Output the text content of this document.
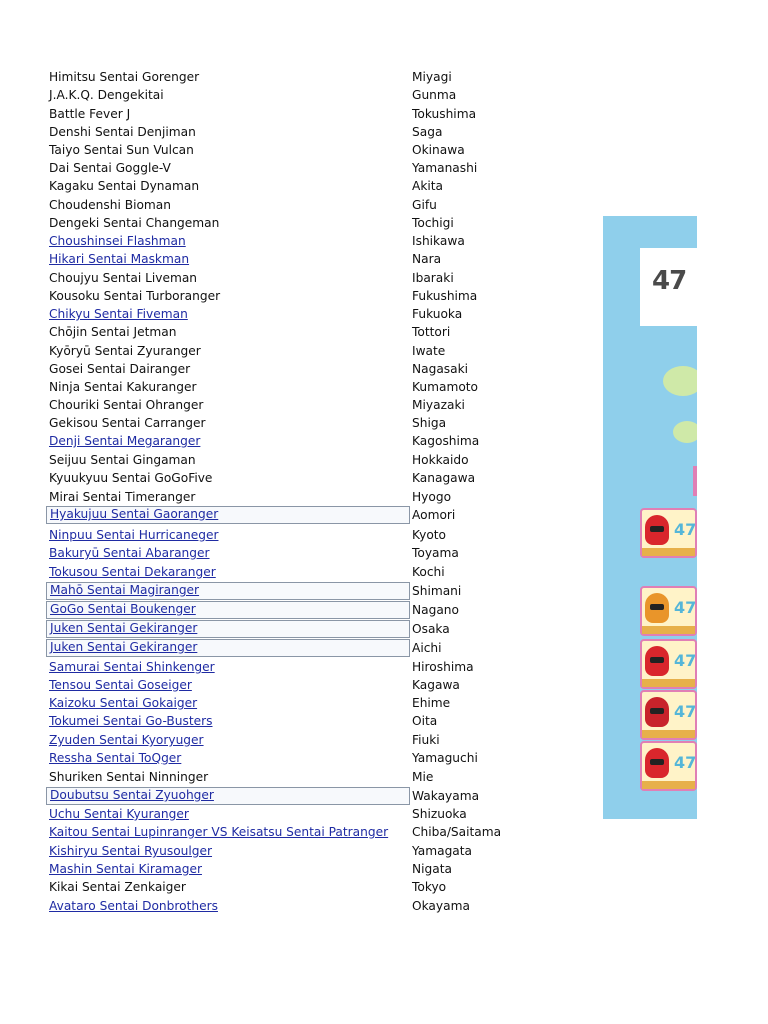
Himitsu Sentai Gorenger	Miyagi
J.A.K.Q. Dengekitai	Gunma
Battle Fever J	Tokushima
Denshi Sentai Denjiman	Saga
Taiyo Sentai Sun Vulcan	Okinawa
Dai Sentai Goggle-V	Yamanashi
Kagaku Sentai Dynaman	Akita
Choudenshi Bioman	Gifu
Dengeki Sentai Changeman	Tochigi
Choushinsei Flashman	Ishikawa
Hikari Sentai Maskman	Nara
Choujyu Sentai Liveman	Ibaraki
Kousoku Sentai Turboranger	Fukushima
Chikyu Sentai Fiveman	Fukuoka
Chōjin Sentai Jetman	Tottori
Kyōryū Sentai Zyuranger	Iwate
Gosei Sentai Dairanger	Nagasaki
Ninja Sentai Kakuranger	Kumamoto
Chouriki Sentai Ohranger	Miyazaki
Gekisou Sentai Carranger	Shiga
Denji Sentai Megaranger	Kagoshima
Seijuu Sentai Gingaman	Hokkaido
Kyuukyuu Sentai GoGoFive	Kanagawa
Mirai Sentai Timeranger	Hyogo
Hyakujuu Sentai Gaoranger	Aomori
Ninpuu Sentai Hurricaneger	Kyoto
Bakuryū Sentai Abaranger	Toyama
Tokusou Sentai Dekaranger	Kochi
Mahō Sentai Magiranger	Shimani
GoGo Sentai Boukenger	Nagano
Juken Sentai Gekiranger	Osaka
Juken Sentai Gekiranger	Aichi
Samurai Sentai Shinkenger	Hiroshima
Tensou Sentai Goseiger	Kagawa
Kaizoku Sentai Gokaiger	Ehime
Tokumei Sentai Go-Busters	Oita
Zyuden Sentai Kyoryuger	Fiuki
Ressha Sentai ToQger	Yamaguchi
Shuriken Sentai Ninninger	Mie
Doubutsu Sentai Zyuohger	Wakayama
Uchu Sentai Kyuranger	Shizuoka
Kaitou Sentai Lupinranger VS Keisatsu Sentai Patranger	Chiba/Saitama
Kishiryu Sentai Ryusoulger	Yamagata
Mashin Sentai Kiramager	Nigata
Kikai Sentai Zenkaiger	Tokyo
Avataro Sentai Donbrothers	Okayama
47
47
47
47
47
47
